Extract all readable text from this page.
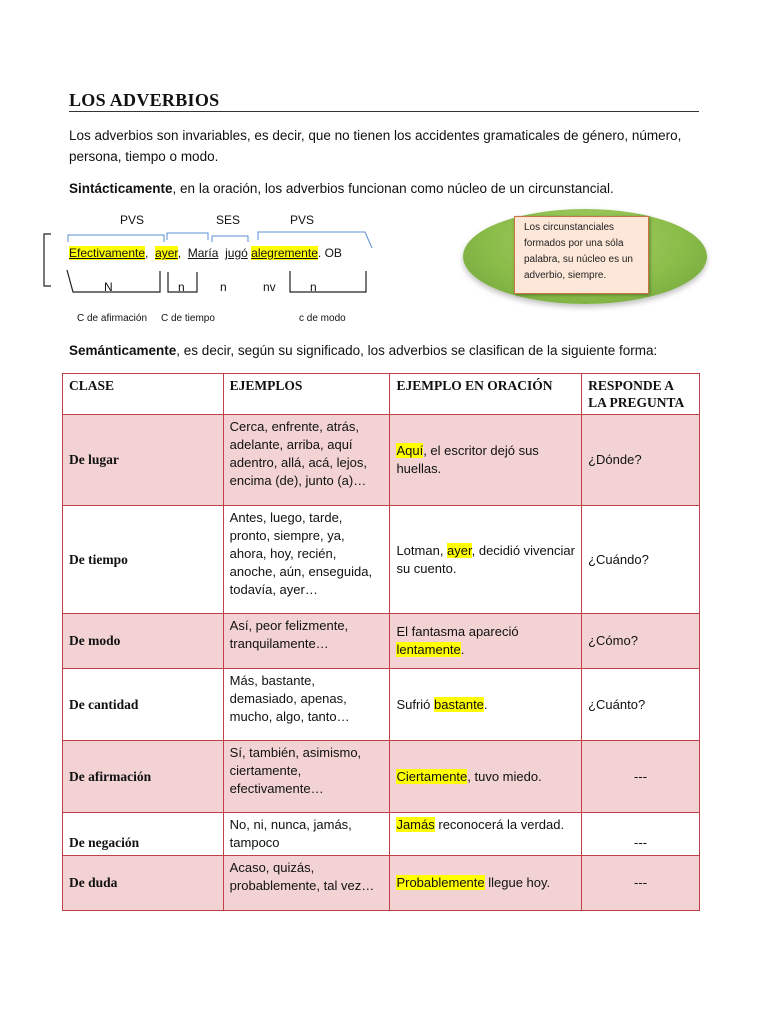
LOS ADVERBIOS
Los adverbios son invariables, es decir, que no tienen los accidentes gramaticales de género, número, persona, tiempo o modo.
Sintácticamente, en la oración, los adverbios funcionan como núcleo de un circunstancial.
PVS	SES	PVS
Efectivamente, ayer, María jugó alegremente. OB
N	n	n	nv	n
C de afirmación C de tiempo	c de modo
Los circunstanciales formados por una sóla palabra, su núcleo es un adverbio, siempre.
Semánticamente, es decir, según su significado, los adverbios se clasifican de la siguiente forma:
CLASE	EJEMPLOS	EJEMPLO EN ORACIÓN	RESPONDE A LA PREGUNTA
De lugar	Cerca, enfrente, atrás, adelante, arriba, aquí adentro, allá, acá, lejos, encima (de), junto (a)…	Aquí, el escritor dejó sus huellas.	¿Dónde?
De tiempo	Antes, luego, tarde, pronto, siempre, ya, ahora, hoy, recién, anoche, aún, enseguida, todavía, ayer…	Lotman, ayer, decidió vivenciar su cuento.	¿Cuándo?
De modo	Así, peor felizmente, tranquilamente…	El fantasma apareció lentamente.	¿Cómo?
De cantidad	Más, bastante, demasiado, apenas, mucho, algo, tanto…	Sufrió bastante.	¿Cuánto?
De afirmación	Sí, también, asimismo, ciertamente, efectivamente…	Ciertamente, tuvo miedo.	---
De negación	No, ni, nunca, jamás, tampoco	Jamás reconocerá la verdad.	---
De duda	Acaso, quizás, probablemente, tal vez…	Probablemente llegue hoy.	---
